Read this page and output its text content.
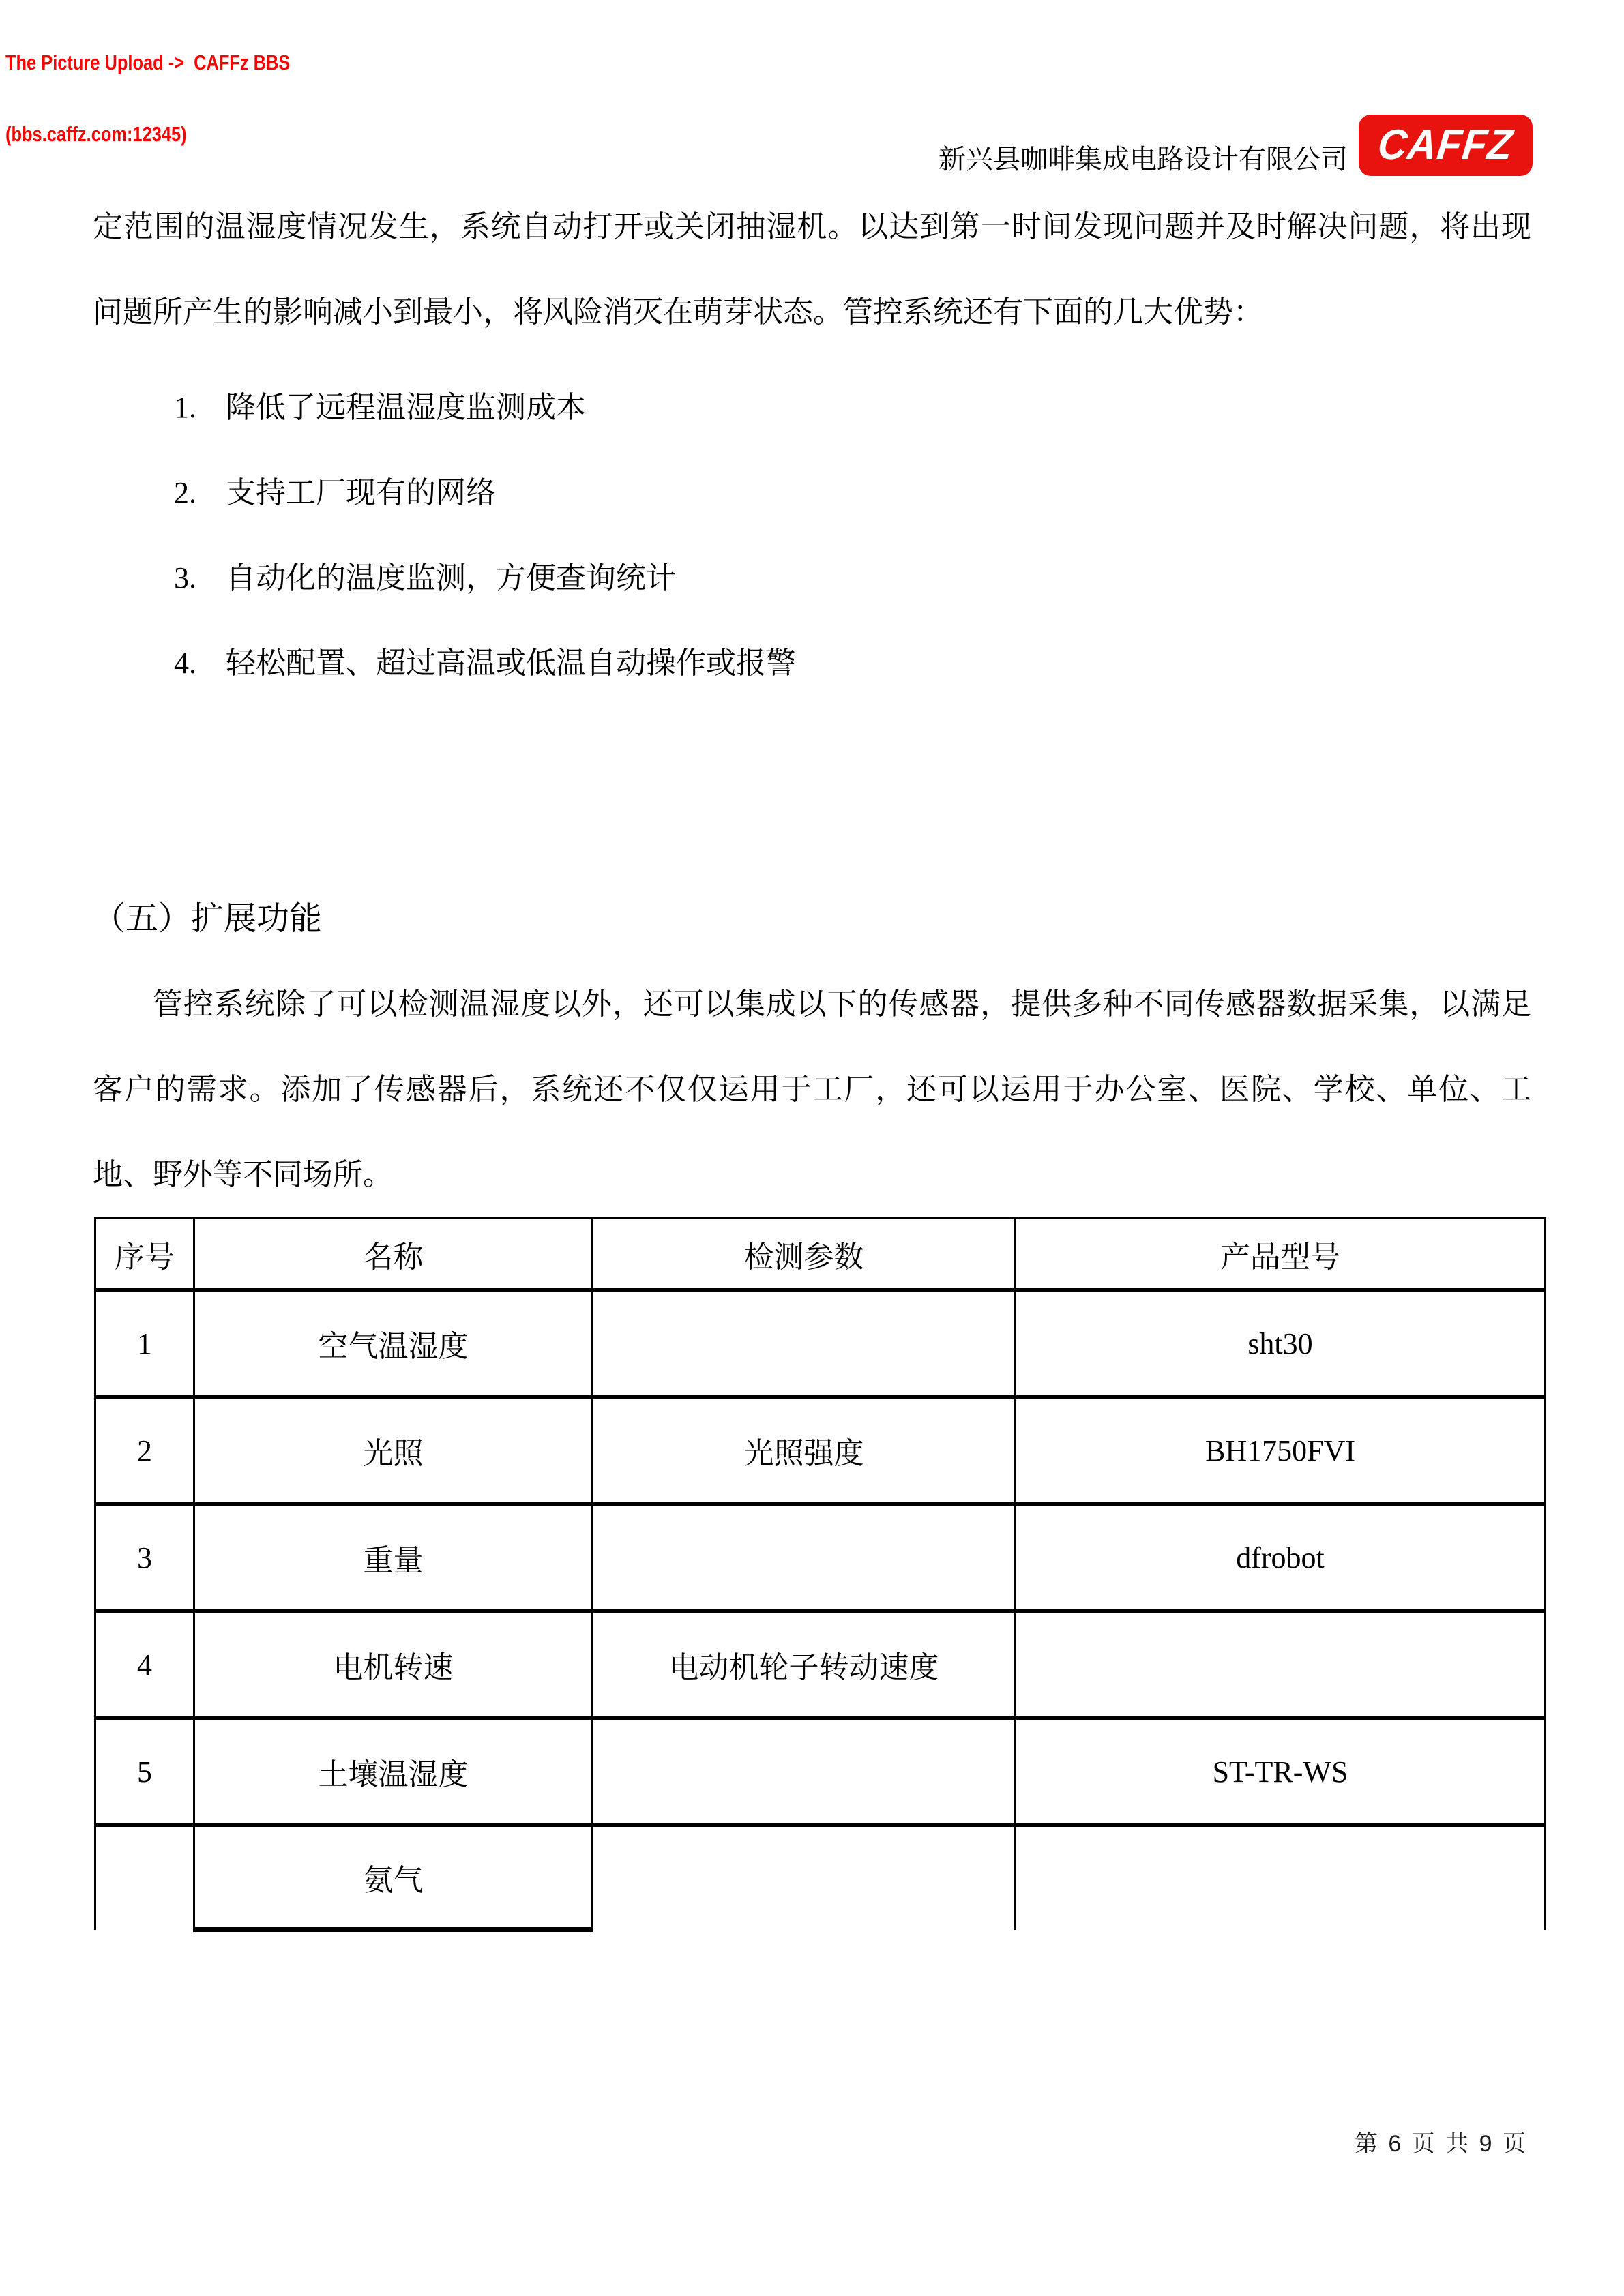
The Picture Upload ->  CAFFz BBS

(bbs.caffz.com:12345)

新兴县咖啡集成电路设计有限公司 CAFFZ

定范围的温湿度情况发生，系统自动打开或关闭抽湿机。以达到第一时间发现问题并及时解决问题，将出现问题所产生的影响减小到最小，将风险消灭在萌芽状态。管控系统还有下面的几大优势：

1. 降低了远程温湿度监测成本
2. 支持工厂现有的网络
3. 自动化的温度监测，方便查询统计
4. 轻松配置、超过高温或低温自动操作或报警
（五）扩展功能

管控系统除了可以检测温湿度以外，还可以集成以下的传感器，提供多种不同传感器数据采集，以满足客户的需求。添加了传感器后，系统还不仅仅运用于工厂，还可以运用于办公室、医院、学校、单位、工地、野外等不同场所。

序号	名称	检测参数	产品型号
1	空气温湿度		sht30
2	光照	光照强度	BH1750FVI
3	重量		dfrobot
4	电机转速	电动机轮子转动速度	
5	土壤温湿度		ST-TR-WS
	氨气		
第 6 页 共 9 页
